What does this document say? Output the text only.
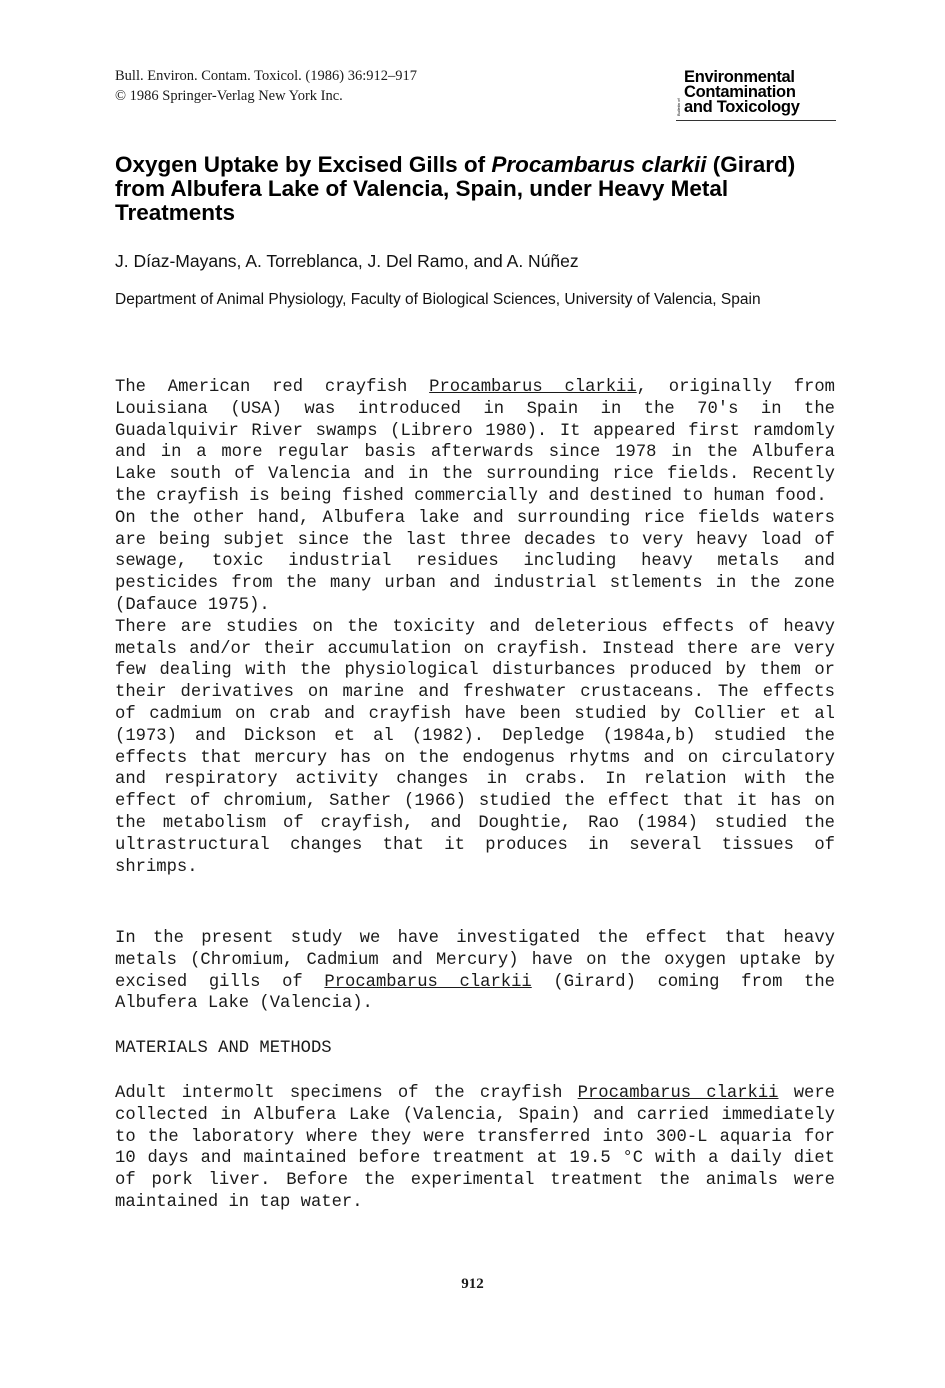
Bull. Environ. Contam. Toxicol. (1986) 36:912–917
© 1986 Springer-Verlag New York Inc.
Bulletin of
Environmental
Contamination
and Toxicology
Oxygen Uptake by Excised Gills of Procambarus clarkii (Girard) from Albufera Lake of Valencia, Spain, under Heavy Metal Treatments
J. Díaz-Mayans, A. Torreblanca, J. Del Ramo, and A. Núñez
Department of Animal Physiology, Faculty of Biological Sciences, University of Valencia, Spain

The American red crayfish Procambarus clarkii, originally from Louisiana (USA) was introduced in Spain in the 70's in the Guadalquivir River swamps (Librero 1980). It appeared first ramdomly and in a more regular basis afterwards since 1978 in the Albufera Lake south of Valencia and in the surrounding rice fields. Recently the crayfish is being fished commercially and destined to human food.

On the other hand, Albufera lake and surrounding rice fields waters are being subjet since the last three decades to very heavy load of sewage, toxic industrial residues including heavy metals and pesticides from the many urban and industrial stlements in the zone (Dafauce 1975).

There are studies on the toxicity and deleterious effects of heavy metals and/or their accumulation on crayfish. Instead there are very few dealing with the physiological disturbances produced by them or their derivatives on marine and freshwater crustaceans. The effects of cadmium on crab and crayfish have been studied by Collier et al (1973) and Dickson et al (1982). Depledge (1984a,b) studied the effects that mercury has on the endogenus rhytms and on circulatory and respiratory activity changes in crabs. In relation with the effect of chromium, Sather (1966) studied the effect that it has on the metabolism of crayfish, and Doughtie, Rao (1984) studied the ultrastructural changes that it produces in several tissues of shrimps.

In the present study we have investigated the effect that heavy metals (Chromium, Cadmium and Mercury) have on the oxygen uptake by excised gills of Procambarus clarkii (Girard) coming from the Albufera Lake (Valencia).

MATERIALS AND METHODS

Adult intermolt specimens of the crayfish Procambarus clarkii were collected in Albufera Lake (Valencia, Spain) and carried immediately to the laboratory where they were transferred into 300-L aquaria for 10 days and maintained before treatment at 19.5 °C with a daily diet of pork liver. Before the experimental treatment the animals were maintained in tap water.

912
